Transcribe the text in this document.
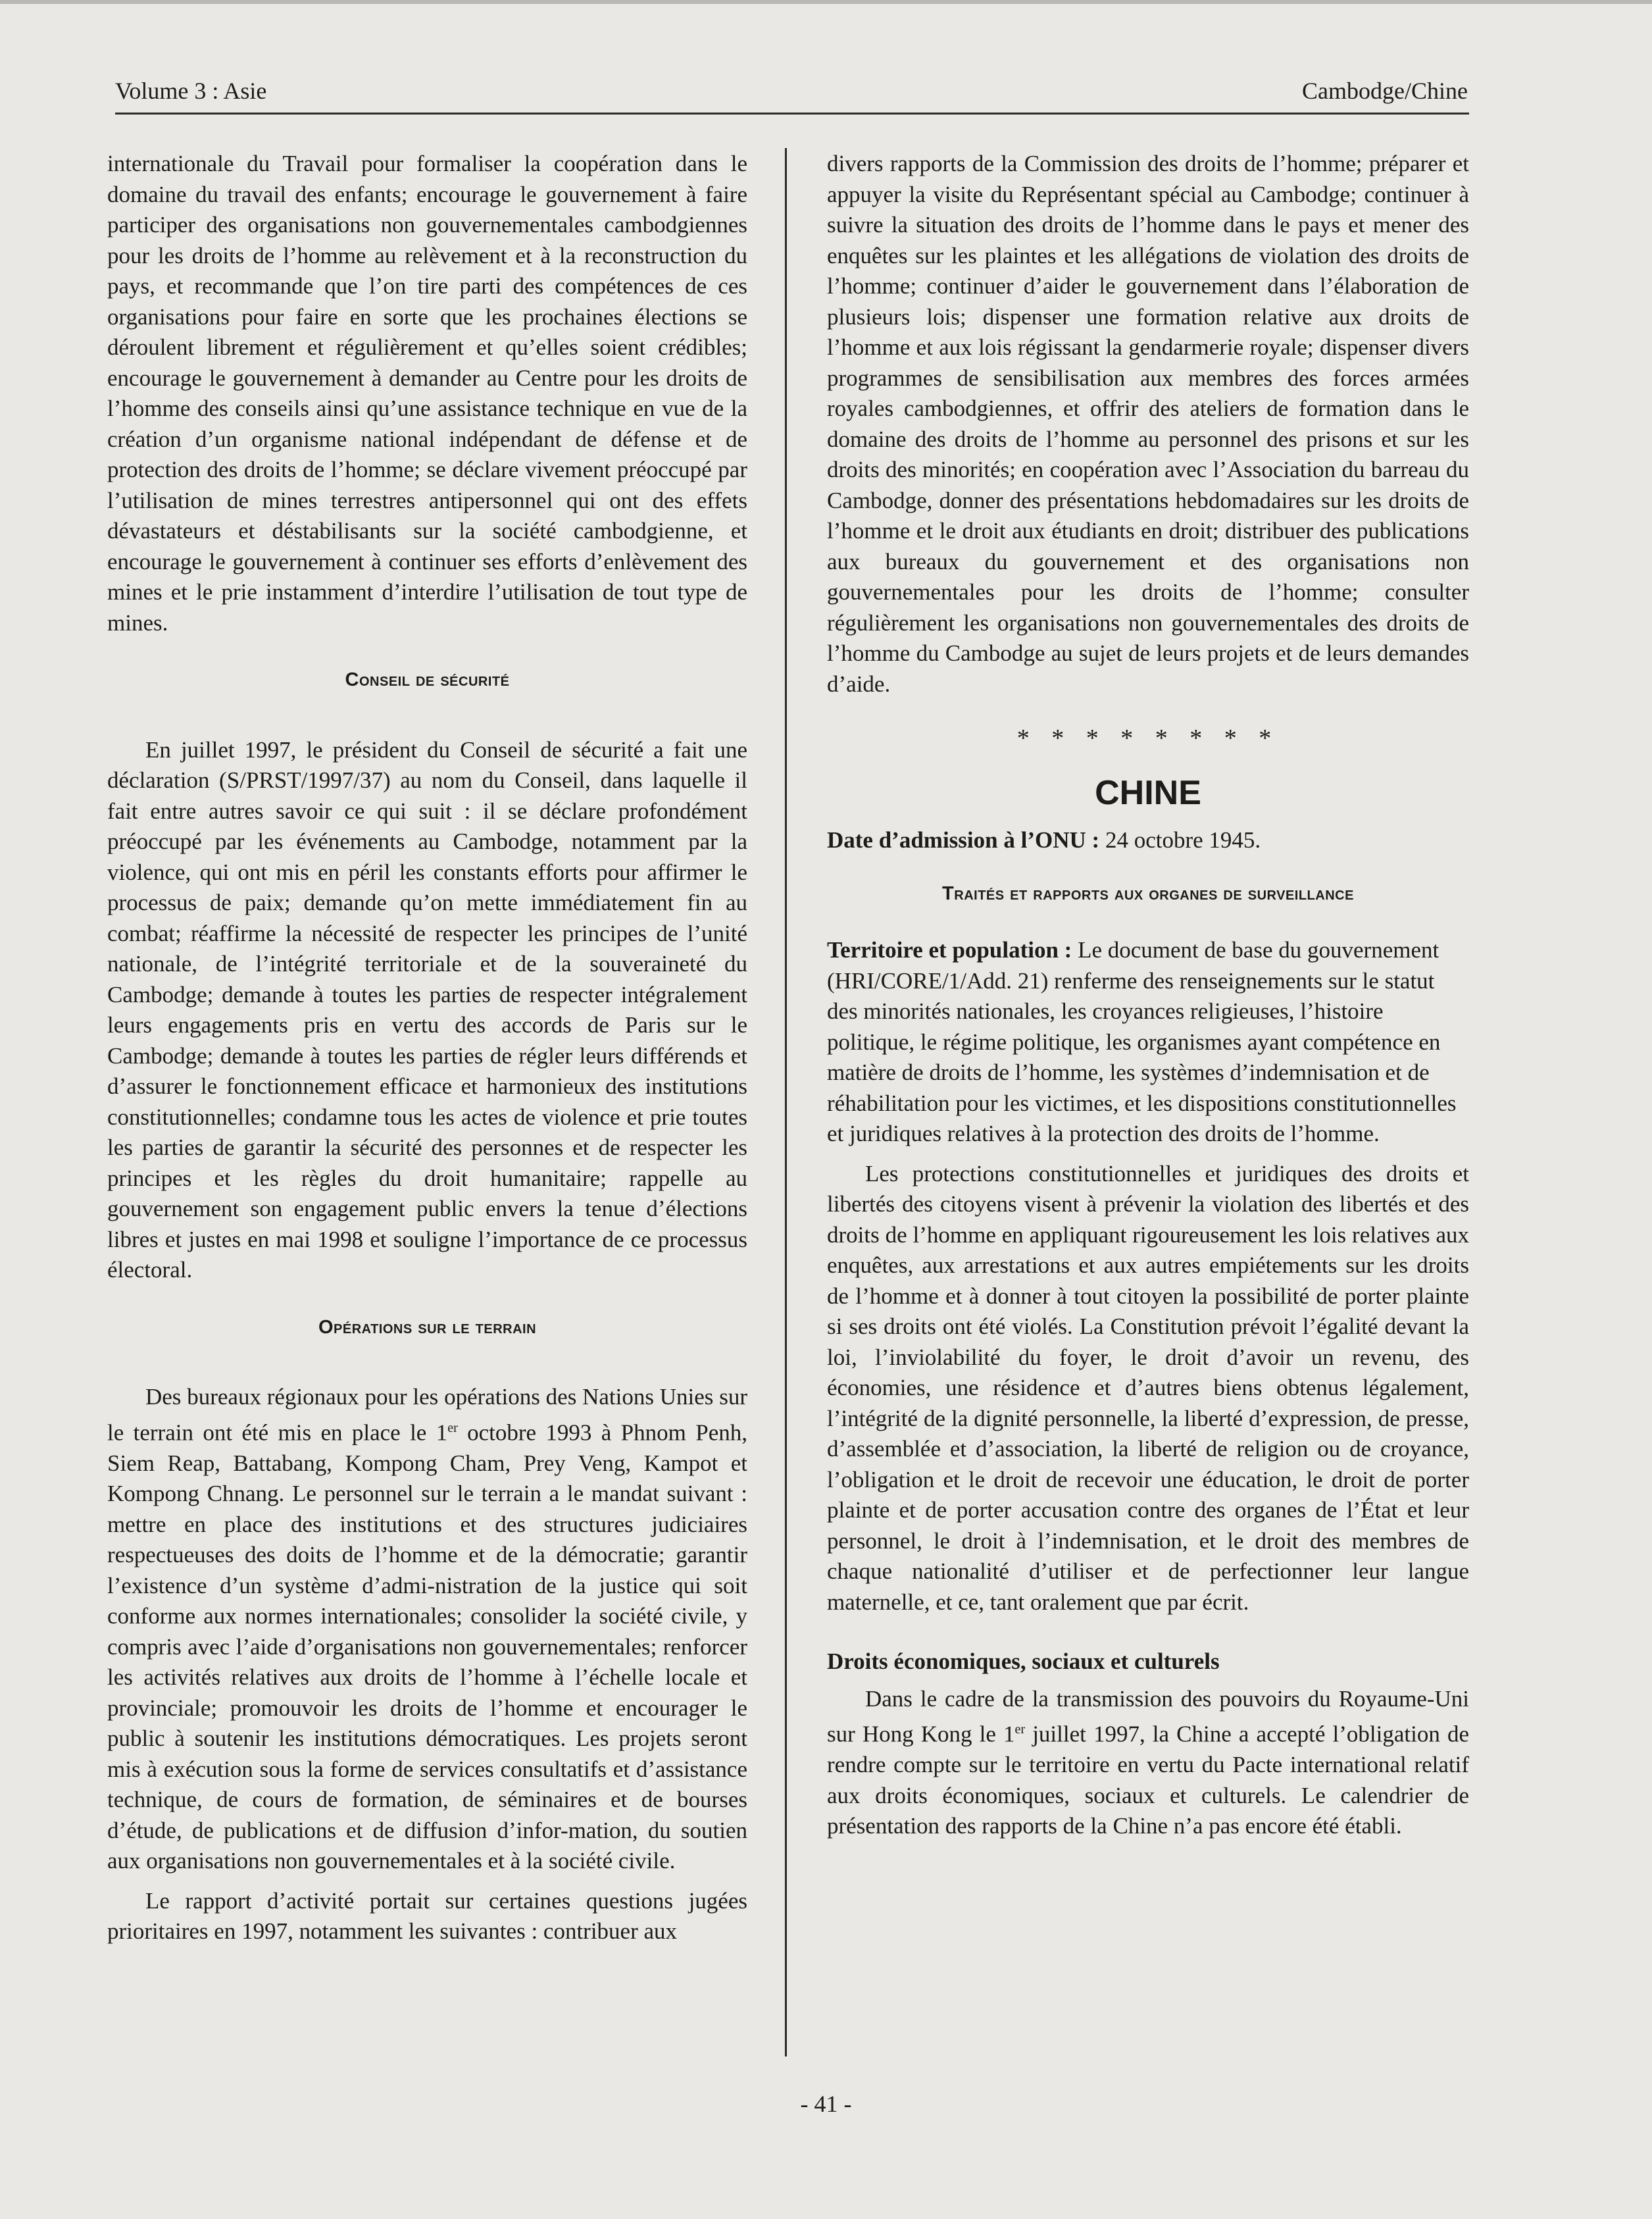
Volume 3 : Asie	Cambodge/Chine

internationale du Travail pour formaliser la coopération dans le domaine du travail des enfants; encourage le gouvernement à faire participer des organisations non gouvernementales cambodgiennes pour les droits de l’homme au relèvement et à la reconstruction du pays, et recommande que l’on tire parti des compétences de ces organisations pour faire en sorte que les prochaines élections se déroulent librement et régulièrement et qu’elles soient crédibles; encourage le gouvernement à demander au Centre pour les droits de l’homme des conseils ainsi qu’une assistance technique en vue de la création d’un organisme national indépendant de défense et de protection des droits de l’homme; se déclare vivement préoccupé par l’utilisation de mines terrestres antipersonnel qui ont des effets dévastateurs et déstabilisants sur la société cambodgienne, et encourage le gouvernement à continuer ses efforts d’enlèvement des mines et le prie instamment d’interdire l’utilisation de tout type de mines.

Conseil de sécurité

En juillet 1997, le président du Conseil de sécurité a fait une déclaration (S/PRST/1997/37) au nom du Conseil, dans laquelle il fait entre autres savoir ce qui suit : il se déclare profondément préoccupé par les événements au Cambodge, notamment par la violence, qui ont mis en péril les constants efforts pour affirmer le processus de paix; demande qu’on mette immédiatement fin au combat; réaffirme la nécessité de respecter les principes de l’unité nationale, de l’intégrité territoriale et de la souveraineté du Cambodge; demande à toutes les parties de respecter intégralement leurs engagements pris en vertu des accords de Paris sur le Cambodge; demande à toutes les parties de régler leurs différends et d’assurer le fonctionnement efficace et harmonieux des institutions constitutionnelles; condamne tous les actes de violence et prie toutes les parties de garantir la sécurité des personnes et de respecter les principes et les règles du droit humanitaire; rappelle au gouvernement son engagement public envers la tenue d’élections libres et justes en mai 1998 et souligne l’importance de ce processus électoral.

Opérations sur le terrain

Des bureaux régionaux pour les opérations des Nations Unies sur le terrain ont été mis en place le 1er octobre 1993 à Phnom Penh, Siem Reap, Battabang, Kompong Cham, Prey Veng, Kampot et Kompong Chnang. Le personnel sur le terrain a le mandat suivant : mettre en place des institutions et des structures judiciaires respectueuses des doits de l’homme et de la démocratie; garantir l’existence d’un système d’admi-nistration de la justice qui soit conforme aux normes internationales; consolider la société civile, y compris avec l’aide d’organisations non gouvernementales; renforcer les activités relatives aux droits de l’homme à l’échelle locale et provinciale; promouvoir les droits de l’homme et encourager le public à soutenir les institutions démocratiques. Les projets seront mis à exécution sous la forme de services consultatifs et d’assistance technique, de cours de formation, de séminaires et de bourses d’étude, de publications et de diffusion d’infor-mation, du soutien aux organisations non gouvernementales et à la société civile.

Le rapport d’activité portait sur certaines questions jugées prioritaires en 1997, notamment les suivantes : contribuer aux

divers rapports de la Commission des droits de l’homme; préparer et appuyer la visite du Représentant spécial au Cambodge; continuer à suivre la situation des droits de l’homme dans le pays et mener des enquêtes sur les plaintes et les allégations de violation des droits de l’homme; continuer d’aider le gouvernement dans l’élaboration de plusieurs lois; dispenser une formation relative aux droits de l’homme et aux lois régissant la gendarmerie royale; dispenser divers programmes de sensibilisation aux membres des forces armées royales cambodgiennes, et offrir des ateliers de formation dans le domaine des droits de l’homme au personnel des prisons et sur les droits des minorités; en coopération avec l’Association du barreau du Cambodge, donner des présentations hebdomadaires sur les droits de l’homme et le droit aux étudiants en droit; distribuer des publications aux bureaux du gouvernement et des organisations non gouvernementales pour les droits de l’homme; consulter régulièrement les organisations non gouvernementales des droits de l’homme du Cambodge au sujet de leurs projets et de leurs demandes d’aide.

* * * * * * * *

CHINE

Date d’admission à l’ONU : 24 octobre 1945.

Traités et rapports aux organes de surveillance

Territoire et population : Le document de base du gouvernement (HRI/CORE/1/Add. 21) renferme des renseignements sur le statut des minorités nationales, les croyances religieuses, l’histoire politique, le régime politique, les organismes ayant compétence en matière de droits de l’homme, les systèmes d’indemnisation et de réhabilitation pour les victimes, et les dispositions constitutionnelles et juridiques relatives à la protection des droits de l’homme.

Les protections constitutionnelles et juridiques des droits et libertés des citoyens visent à prévenir la violation des libertés et des droits de l’homme en appliquant rigoureusement les lois relatives aux enquêtes, aux arrestations et aux autres empiétements sur les droits de l’homme et à donner à tout citoyen la possibilité de porter plainte si ses droits ont été violés. La Constitution prévoit l’égalité devant la loi, l’inviolabilité du foyer, le droit d’avoir un revenu, des économies, une résidence et d’autres biens obtenus légalement, l’intégrité de la dignité personnelle, la liberté d’expression, de presse, d’assemblée et d’association, la liberté de religion ou de croyance, l’obligation et le droit de recevoir une éducation, le droit de porter plainte et de porter accusation contre des organes de l’État et leur personnel, le droit à l’indemnisation, et le droit des membres de chaque nationalité d’utiliser et de perfectionner leur langue maternelle, et ce, tant oralement que par écrit.

Droits économiques, sociaux et culturels

Dans le cadre de la transmission des pouvoirs du Royaume-Uni sur Hong Kong le 1er juillet 1997, la Chine a accepté l’obligation de rendre compte sur le territoire en vertu du Pacte international relatif aux droits économiques, sociaux et culturels. Le calendrier de présentation des rapports de la Chine n’a pas encore été établi.

- 41 -
